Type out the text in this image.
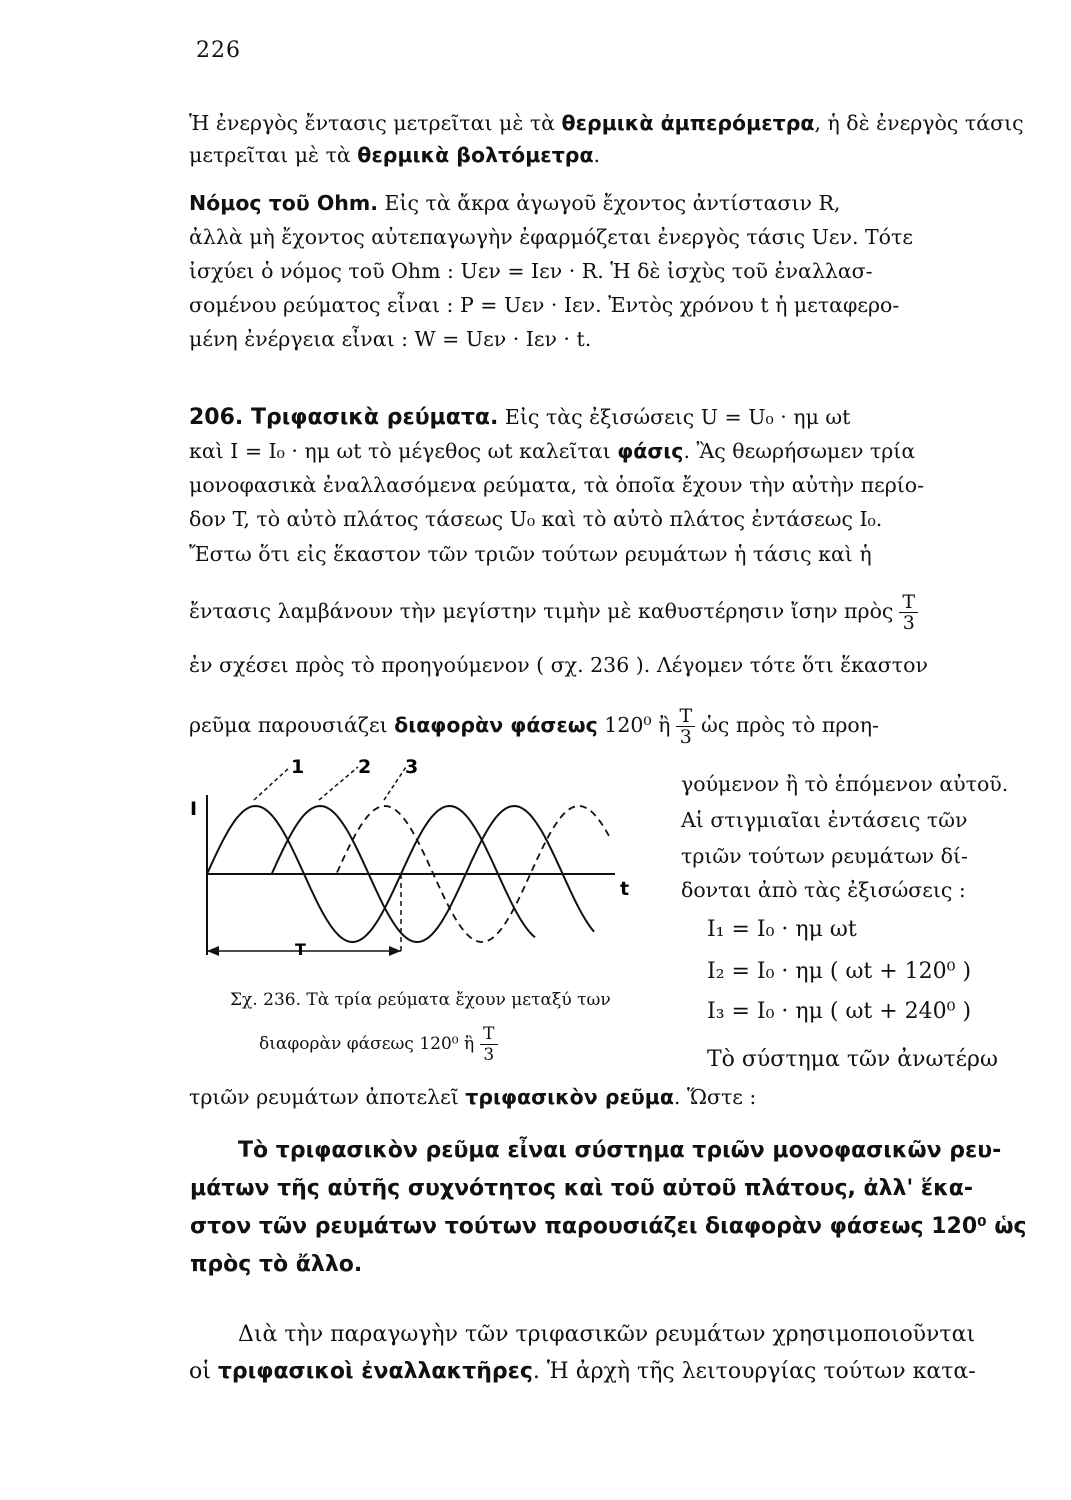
226
Ἡ ἐνεργὸς ἔντασις μετρεῖται μὲ τὰ θερμικὰ ἀμπερόμετρα, ἡ δὲ ἐνεργὸς τάσις
μετρεῖται μὲ τὰ θερμικὰ βολτόμετρα.
Νόμος τοῦ Ohm. Εἰς τὰ ἄκρα ἀγωγοῦ ἔχοντος ἀντίστασιν R,
ἀλλὰ μὴ ἔχοντος αὐτεπαγωγὴν ἐφαρμόζεται ἐνεργὸς τάσις Uεν. Τότε
ἰσχύει ὁ νόμος τοῦ Ohm : Uεν = Iεν · R. Ἡ δὲ ἰσχὺς τοῦ ἐναλλασ-
σομένου ρεύματος εἶναι : P = Uεν · Iεν. Ἐντὸς χρόνου t ἡ μεταφερο-
μένη ἐνέργεια εἶναι : W = Uεν · Iεν · t.
206. Τριφασικὰ ρεύματα. Εἰς τὰς ἐξισώσεις U = U₀ · ημ ωt
καὶ I = I₀ · ημ ωt τὸ μέγεθος ωt καλεῖται φάσις. Ἂς θεωρήσωμεν τρία
μονοφασικὰ ἐναλλασόμενα ρεύματα, τὰ ὁποῖα ἔχουν τὴν αὐτὴν περίο-
δον T, τὸ αὐτὸ πλάτος τάσεως U₀ καὶ τὸ αὐτὸ πλάτος ἐντάσεως I₀.
Ἔστω ὅτι εἰς ἕκαστον τῶν τριῶν τούτων ρευμάτων ἡ τάσις καὶ ἡ
ἔντασις λαμβάνουν τὴν μεγίστην τιμὴν μὲ καθυστέρησιν ἴσην πρὸς $\frac{T}{3}$
ἐν σχέσει πρὸς τὸ προηγούμενον ( σχ. 236 ). Λέγομεν τότε ὅτι ἕκαστον
ρεῦμα παρουσιάζει διαφορὰν φάσεως 120⁰ ἢ $\frac{T}{3}$ ὡς πρὸς τὸ προη-
γούμενον ἢ τὸ ἑπόμενον αὐτοῦ.
Αἱ στιγμιαῖαι ἐντάσεις τῶν
τριῶν τούτων ρευμάτων δί-
δονται ἀπὸ τὰς ἐξισώσεις :
I₁ = I₀ · ημ ωt
I₂ = I₀ · ημ ( ωt + 120⁰ )
I₃ = I₀ · ημ ( ωt + 240⁰ )
1	2 3
I
t
T
Σχ. 236. Τὰ τρία ρεύματα ἔχουν μεταξύ των
διαφορὰν φάσεως 120⁰ ἢ $\frac{T}{3}$	Τὸ σύστημα τῶν ἀνωτέρω
τριῶν ρευμάτων ἀποτελεῖ τριφασικὸν ρεῦμα. Ὥστε :
Τὸ τριφασικὸν ρεῦμα εἶναι σύστημα τριῶν μονοφασικῶν ρευ-
μάτων τῆς αὐτῆς συχνότητος καὶ τοῦ αὐτοῦ πλάτους, ἀλλ' ἕκα-
στον τῶν ρευμάτων τούτων παρουσιάζει διαφορὰν φάσεως 120⁰ ὡς
πρὸς τὸ ἄλλο.
Διὰ τὴν παραγωγὴν τῶν τριφασικῶν ρευμάτων χρησιμοποιοῦνται
οἱ τριφασικοὶ ἐναλλακτῆρες. Ἡ ἀρχὴ τῆς λειτουργίας τούτων κατα-
